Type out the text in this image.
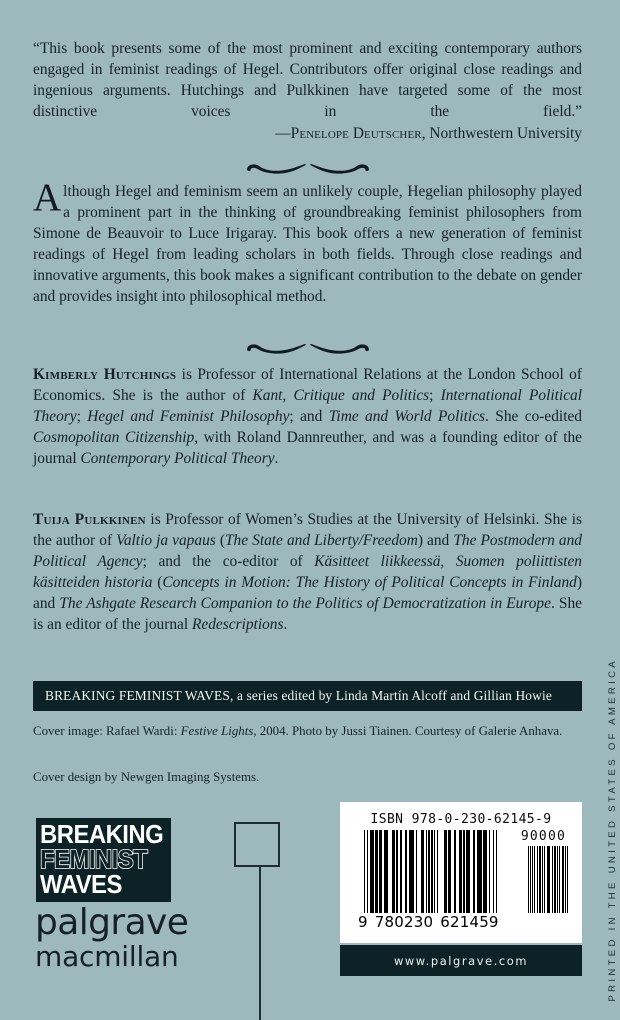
“This book presents some of the most prominent and exciting contemporary authors engaged in feminist readings of Hegel. Contributors offer original close readings and ingenious arguments. Hutchings and Pulkkinen have targeted some of the most distinctive voices in the field.”
—Penelope Deutscher, Northwestern University

Although Hegel and feminism seem an unlikely couple, Hegelian philosophy played a prominent part in the thinking of groundbreaking feminist philosophers from Simone de Beauvoir to Luce Irigaray. This book offers a new generation of feminist readings of Hegel from leading scholars in both fields. Through close readings and innovative arguments, this book makes a significant contribution to the debate on gender and provides insight into philosophical method.

Kimberly Hutchings is Professor of International Relations at the London School of Economics. She is the author of Kant, Critique and Politics; International Political Theory; Hegel and Feminist Philosophy; and Time and World Politics. She co-edited Cosmopolitan Citizenship, with Roland Dannreuther, and was a founding editor of the journal Contemporary Political Theory.

Tuija Pulkkinen is Professor of Women’s Studies at the University of Helsinki. She is the author of Valtio ja vapaus (The State and Liberty/Freedom) and The Postmodern and Political Agency; and the co-editor of Käsitteet liikkeessä, Suomen poliittisten käsitteiden historia (Concepts in Motion: The History of Political Concepts in Finland) and The Ashgate Research Companion to the Politics of Democratization in Europe. She is an editor of the journal Redescriptions.

BREAKING FEMINIST WAVES, a series edited by Linda Martín Alcoff and Gillian Howie
Cover image: Rafael Wardi: Festive Lights, 2004. Photo by Jussi Tiainen. Courtesy of Galerie Anhava.
Cover design by Newgen Imaging Systems.	PRINTED IN THE UNITED STATES OF AMERICA
BREAKING
FEMINIST
WAVES
palgrave
macmillan
ISBN 978-0-230-62145-9
90000
9 780230 621459
www.palgrave.com
